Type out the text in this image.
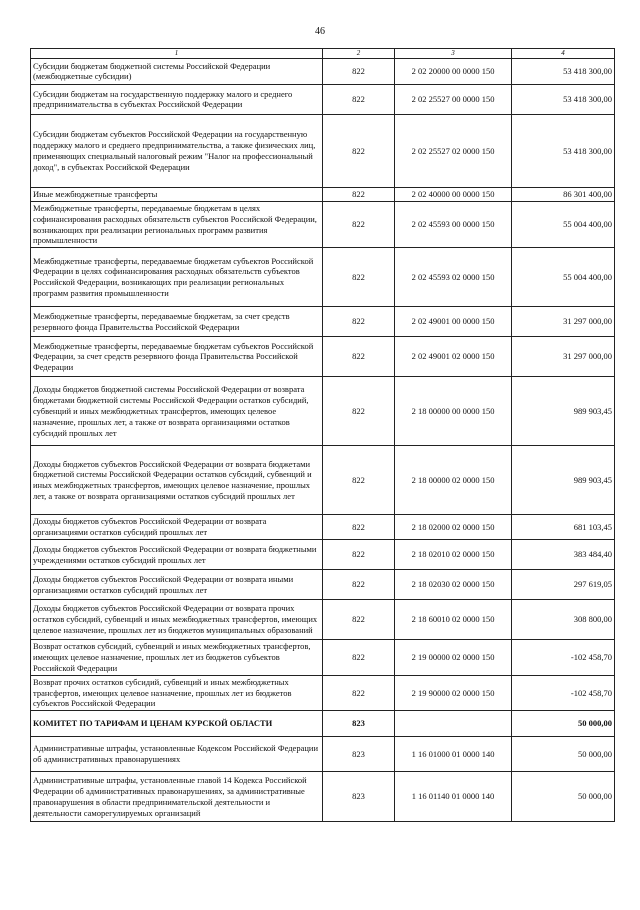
46
1	2	3	4
Субсидии бюджетам бюджетной системы Российской Федерации (межбюджетные субсидии)	822	2 02 20000 00 0000 150	53 418 300,00
Субсидии бюджетам на государственную поддержку малого и среднего предпринимательства в субъектах Российской Федерации	822	2 02 25527 00 0000 150	53 418 300,00
Субсидии бюджетам субъектов Российской Федерации на государственную поддержку малого и среднего предпринимательства, а также физических лиц, применяющих специальный налоговый режим "Налог на профессиональный доход", в субъектах Российской Федерации	822	2 02 25527 02 0000 150	53 418 300,00
Иные межбюджетные трансферты	822	2 02 40000 00 0000 150	86 301 400,00
Межбюджетные трансферты, передаваемые бюджетам в целях софинансирования расходных обязательств субъектов Российской Федерации, возникающих при реализации региональных программ развития промышленности	822	2 02 45593 00 0000 150	55 004 400,00
Межбюджетные трансферты, передаваемые бюджетам субъектов Российской Федерации в целях софинансирования расходных обязательств субъектов Российской Федерации, возникающих при реализации региональных программ развития промышленности	822	2 02 45593 02 0000 150	55 004 400,00
Межбюджетные трансферты, передаваемые бюджетам, за счет средств резервного фонда Правительства Российской Федерации	822	2 02 49001 00 0000 150	31 297 000,00
Межбюджетные трансферты, передаваемые бюджетам субъектов Российской Федерации, за счет средств резервного фонда Правительства Российской Федерации	822	2 02 49001 02 0000 150	31 297 000,00
Доходы бюджетов бюджетной системы Российской Федерации от возврата бюджетами бюджетной системы Российской Федерации остатков субсидий, субвенций и иных межбюджетных трансфертов, имеющих целевое назначение, прошлых лет, а также от возврата организациями остатков субсидий прошлых лет	822	2 18 00000 00 0000 150	989 903,45
Доходы бюджетов субъектов Российской Федерации от возврата бюджетами бюджетной системы Российской Федерации остатков субсидий, субвенций и иных межбюджетных трансфертов, имеющих целевое назначение, прошлых лет, а также от возврата организациями остатков субсидий прошлых лет	822	2 18 00000 02 0000 150	989 903,45
Доходы бюджетов субъектов Российской Федерации от возврата организациями остатков субсидий прошлых лет	822	2 18 02000 02 0000 150	681 103,45
Доходы бюджетов субъектов Российской Федерации от возврата бюджетными учреждениями остатков субсидий прошлых лет	822	2 18 02010 02 0000 150	383 484,40
Доходы бюджетов субъектов Российской Федерации от возврата иными организациями остатков субсидий прошлых лет	822	2 18 02030 02 0000 150	297 619,05
Доходы бюджетов субъектов Российской Федерации от возврата прочих остатков субсидий, субвенций и иных межбюджетных трансфертов, имеющих целевое назначение, прошлых лет из бюджетов муниципальных образований	822	2 18 60010 02 0000 150	308 800,00
Возврат остатков субсидий, субвенций и иных межбюджетных трансфертов, имеющих целевое назначение, прошлых лет из бюджетов субъектов Российской Федерации	822	2 19 00000 02 0000 150	-102 458,70
Возврат прочих остатков субсидий, субвенций и иных межбюджетных трансфертов, имеющих целевое назначение, прошлых лет из бюджетов субъектов Российской Федерации	822	2 19 90000 02 0000 150	-102 458,70
КОМИТЕТ ПО ТАРИФАМ И ЦЕНАМ КУРСКОЙ ОБЛАСТИ	823		50 000,00
Административные штрафы, установленные Кодексом Российской Федерации об административных правонарушениях	823	1 16 01000 01 0000 140	50 000,00
Административные штрафы, установленные главой 14 Кодекса Российской Федерации об административных правонарушениях, за административные правонарушения в области предпринимательской деятельности и деятельности саморегулируемых организаций	823	1 16 01140 01 0000 140	50 000,00
